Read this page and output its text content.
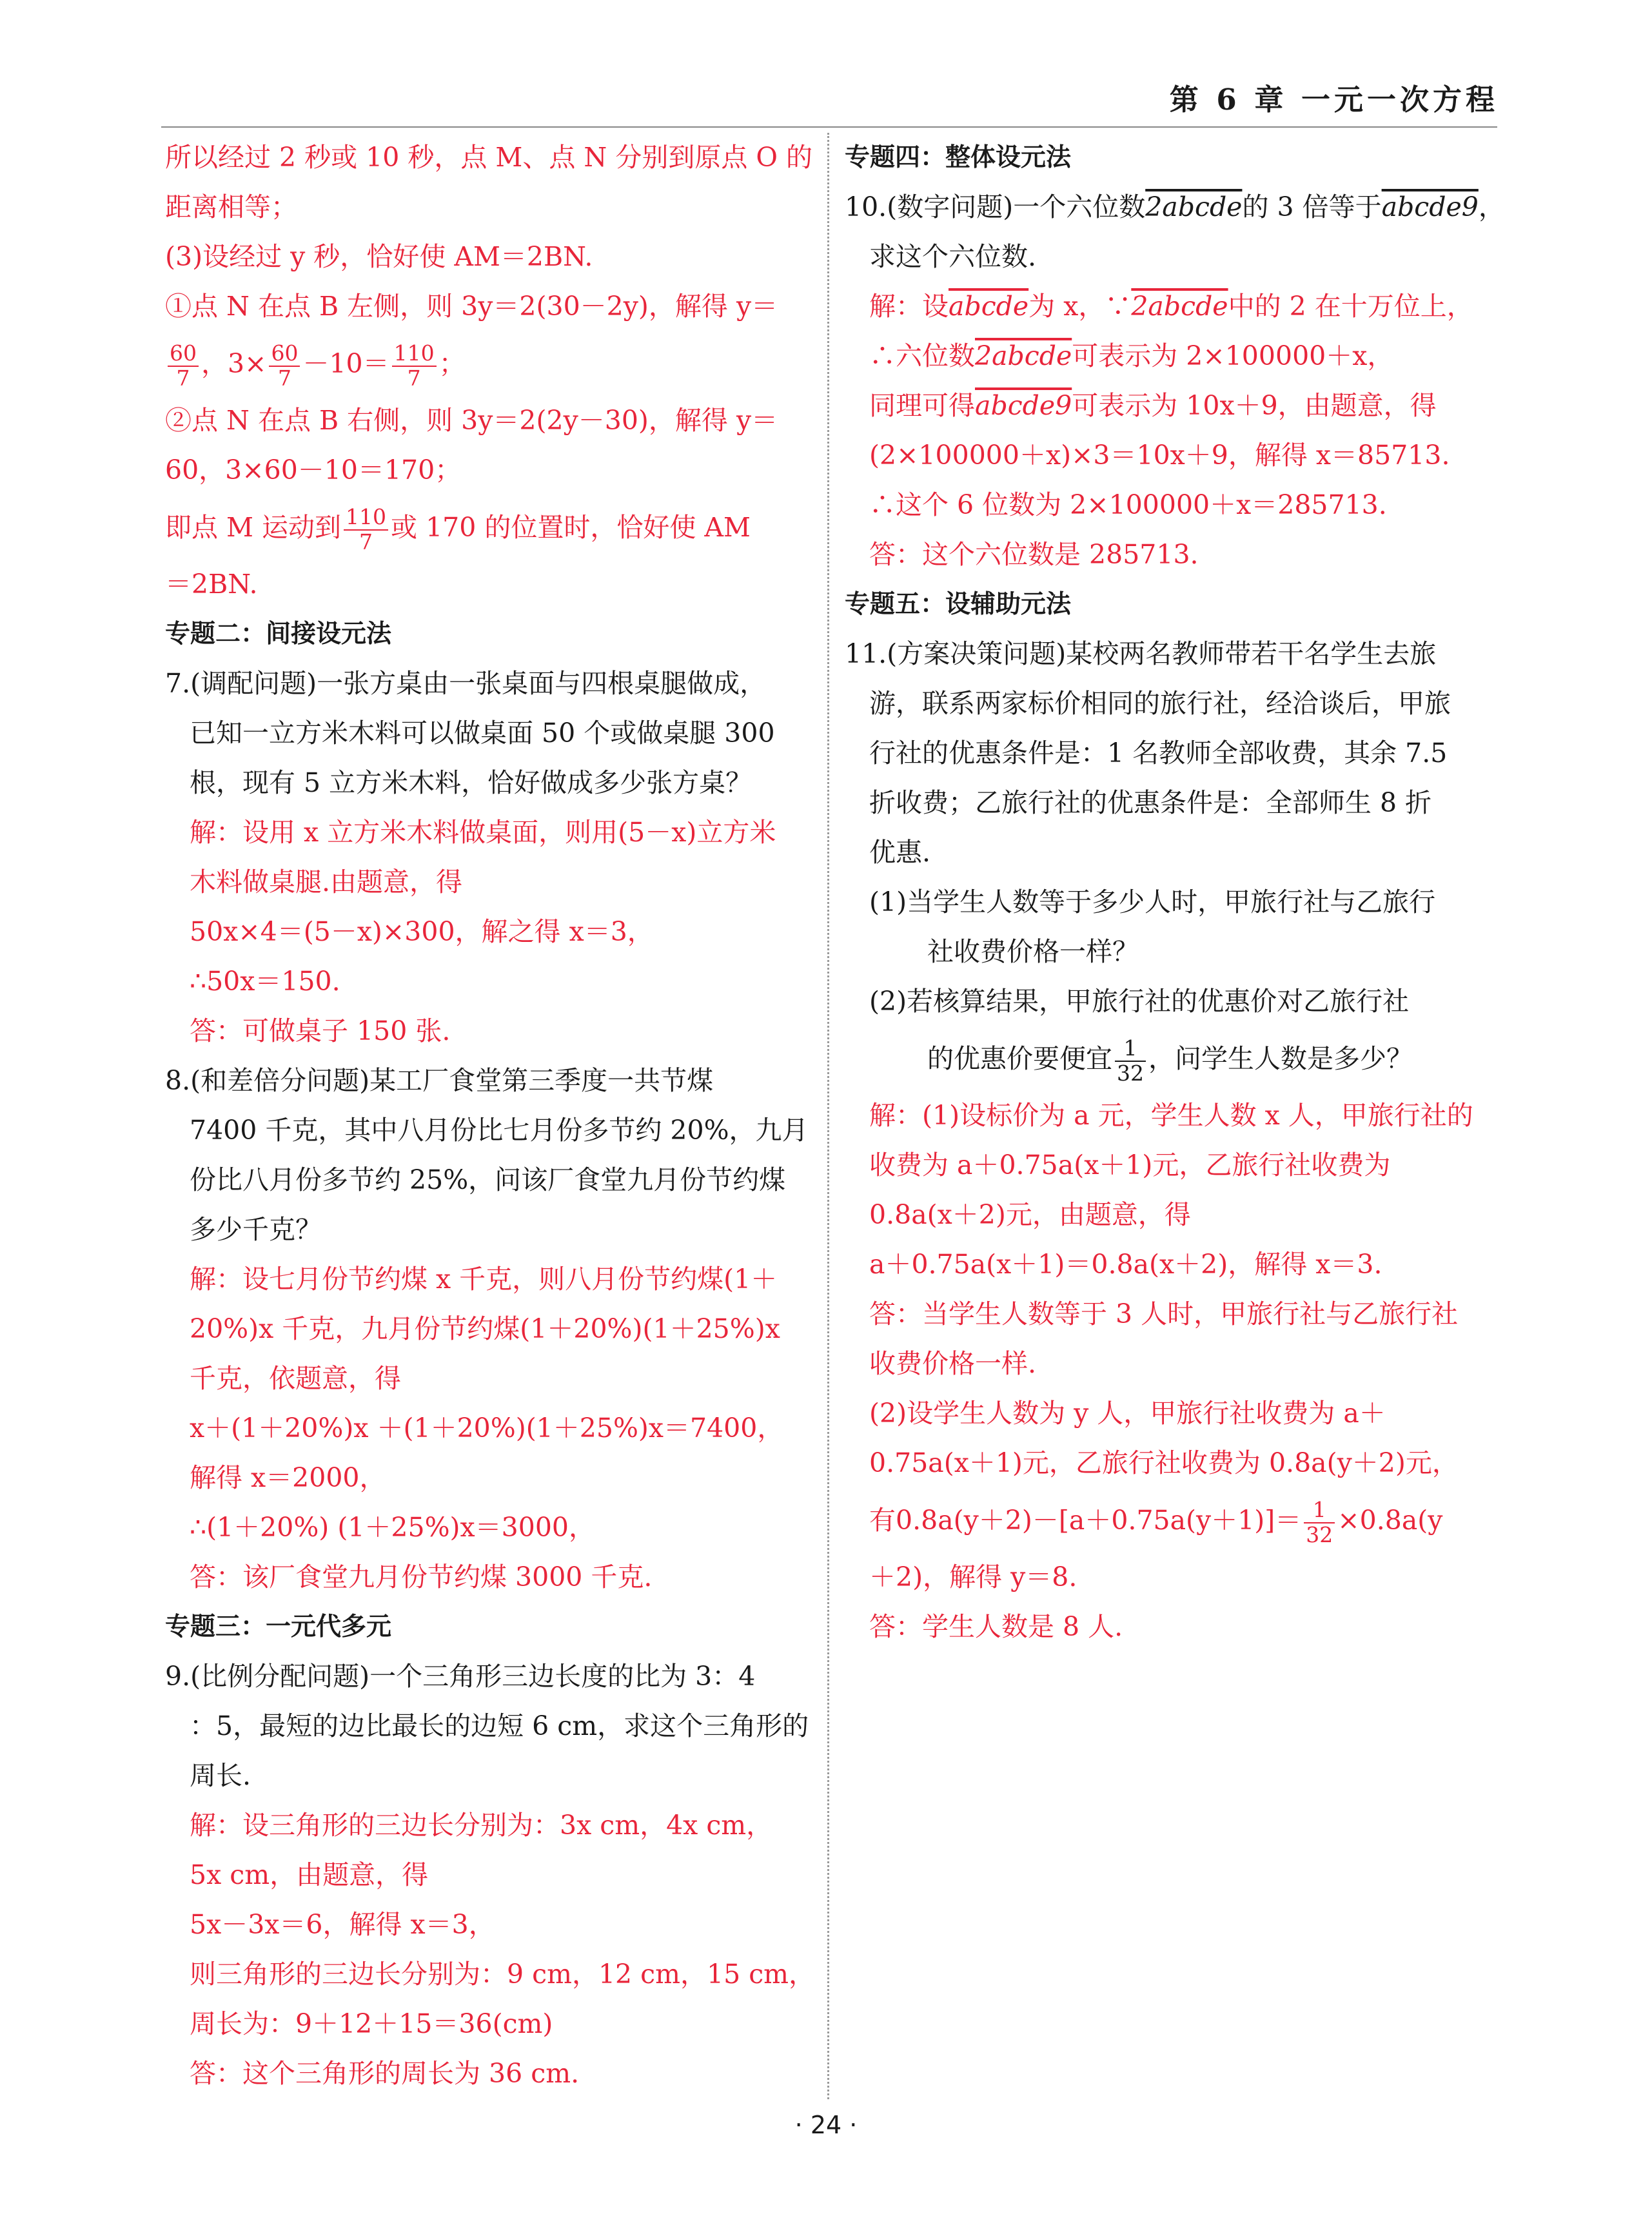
第 6 章 一元一次方程
所以经过 2 秒或 10 秒，点 M、点 N 分别到原点 O 的
距离相等；
(3)设经过 y 秒，恰好使 AM＝2BN.
①点 N 在点 B 左侧，则 3y＝2(30－2y)，解得 y＝
$\frac{60}{7}$ ，$3\times \frac{60}{7} -10= \frac{110}{7}$ ；
②点 N 在点 B 右侧，则 3y＝2(2y－30)，解得 y＝
60，3×60－10＝170；
即点 M 运动到 $\frac{110}{7}$ 或 170 的位置时，恰好使 AM
＝2BN.
专题二：间接设元法
7.(调配问题)一张方桌由一张桌面与四根桌腿做成，
已知一立方米木料可以做桌面 50 个或做桌腿 300
根，现有 5 立方米木料，恰好做成多少张方桌？
解：设用 x 立方米木料做桌面，则用(5－x)立方米
木料做桌腿.由题意，得
50x×4＝(5－x)×300，解之得 x＝3，
∴50x＝150.
答：可做桌子 150 张.
8.(和差倍分问题)某工厂食堂第三季度一共节煤
7400 千克，其中八月份比七月份多节约 20%，九月
份比八月份多节约 25%，问该厂食堂九月份节约煤
多少千克？
解：设七月份节约煤 x 千克，则八月份节约煤(1＋
20%)x 千克，九月份节约煤(1＋20%)(1＋25%)x
千克，依题意，得
x＋(1＋20%)x ＋(1＋20%)(1＋25%)x＝7400，
解得 x＝2000，
∴(1＋20%) (1＋25%)x＝3000，
答：该厂食堂九月份节约煤 3000 千克.
专题三：一元代多元
9.(比例分配问题)一个三角形三边长度的比为 3：4
：5，最短的边比最长的边短 6 cm，求这个三角形的
周长.
解：设三角形的三边长分别为：3x cm，4x cm，
5x cm，由题意，得
5x－3x＝6，解得 x＝3，
则三角形的三边长分别为：9 cm，12 cm，15 cm，
周长为：9＋12＋15＝36(cm)
答：这个三角形的周长为 36 cm.
专题四：整体设元法
10.(数字问题)一个六位数2abcde的 3 倍等于abcde9，
求这个六位数.
解：设abcde为 x，∵2abcde中的 2 在十万位上，
∴六位数2abcde可表示为 2×100000＋x，
同理可得abcde9可表示为 10x＋9，由题意，得
(2×100000＋x)×3＝10x＋9，解得 x＝85713.
∴这个 6 位数为 2×100000＋x＝285713.
答：这个六位数是 285713.
专题五：设辅助元法
11.(方案决策问题)某校两名教师带若干名学生去旅
游，联系两家标价相同的旅行社，经洽谈后，甲旅
行社的优惠条件是：1 名教师全部收费，其余 7.5
折收费；乙旅行社的优惠条件是：全部师生 8 折
优惠.
(1)当学生人数等于多少人时，甲旅行社与乙旅行
社收费价格一样？
(2)若核算结果，甲旅行社的优惠价对乙旅行社
的优惠价要便宜 $\frac{1}{32}$ ，问学生人数是多少？
解：(1)设标价为 a 元，学生人数 x 人，甲旅行社的
收费为 a＋0.75a(x＋1)元，乙旅行社收费为
0.8a(x＋2)元，由题意，得
a＋0.75a(x＋1)＝0.8a(x＋2)，解得 x＝3.
答：当学生人数等于 3 人时，甲旅行社与乙旅行社
收费价格一样.
(2)设学生人数为 y 人，甲旅行社收费为 a＋
0.75a(x＋1)元，乙旅行社收费为 0.8a(y＋2)元，
有$0.8a(y+2)-[a+0.75a(y+1)]= \frac{1}{32} \times 0.8a(y$
＋2)，解得 y＝8.
答：学生人数是 8 人.
· 24 ·
